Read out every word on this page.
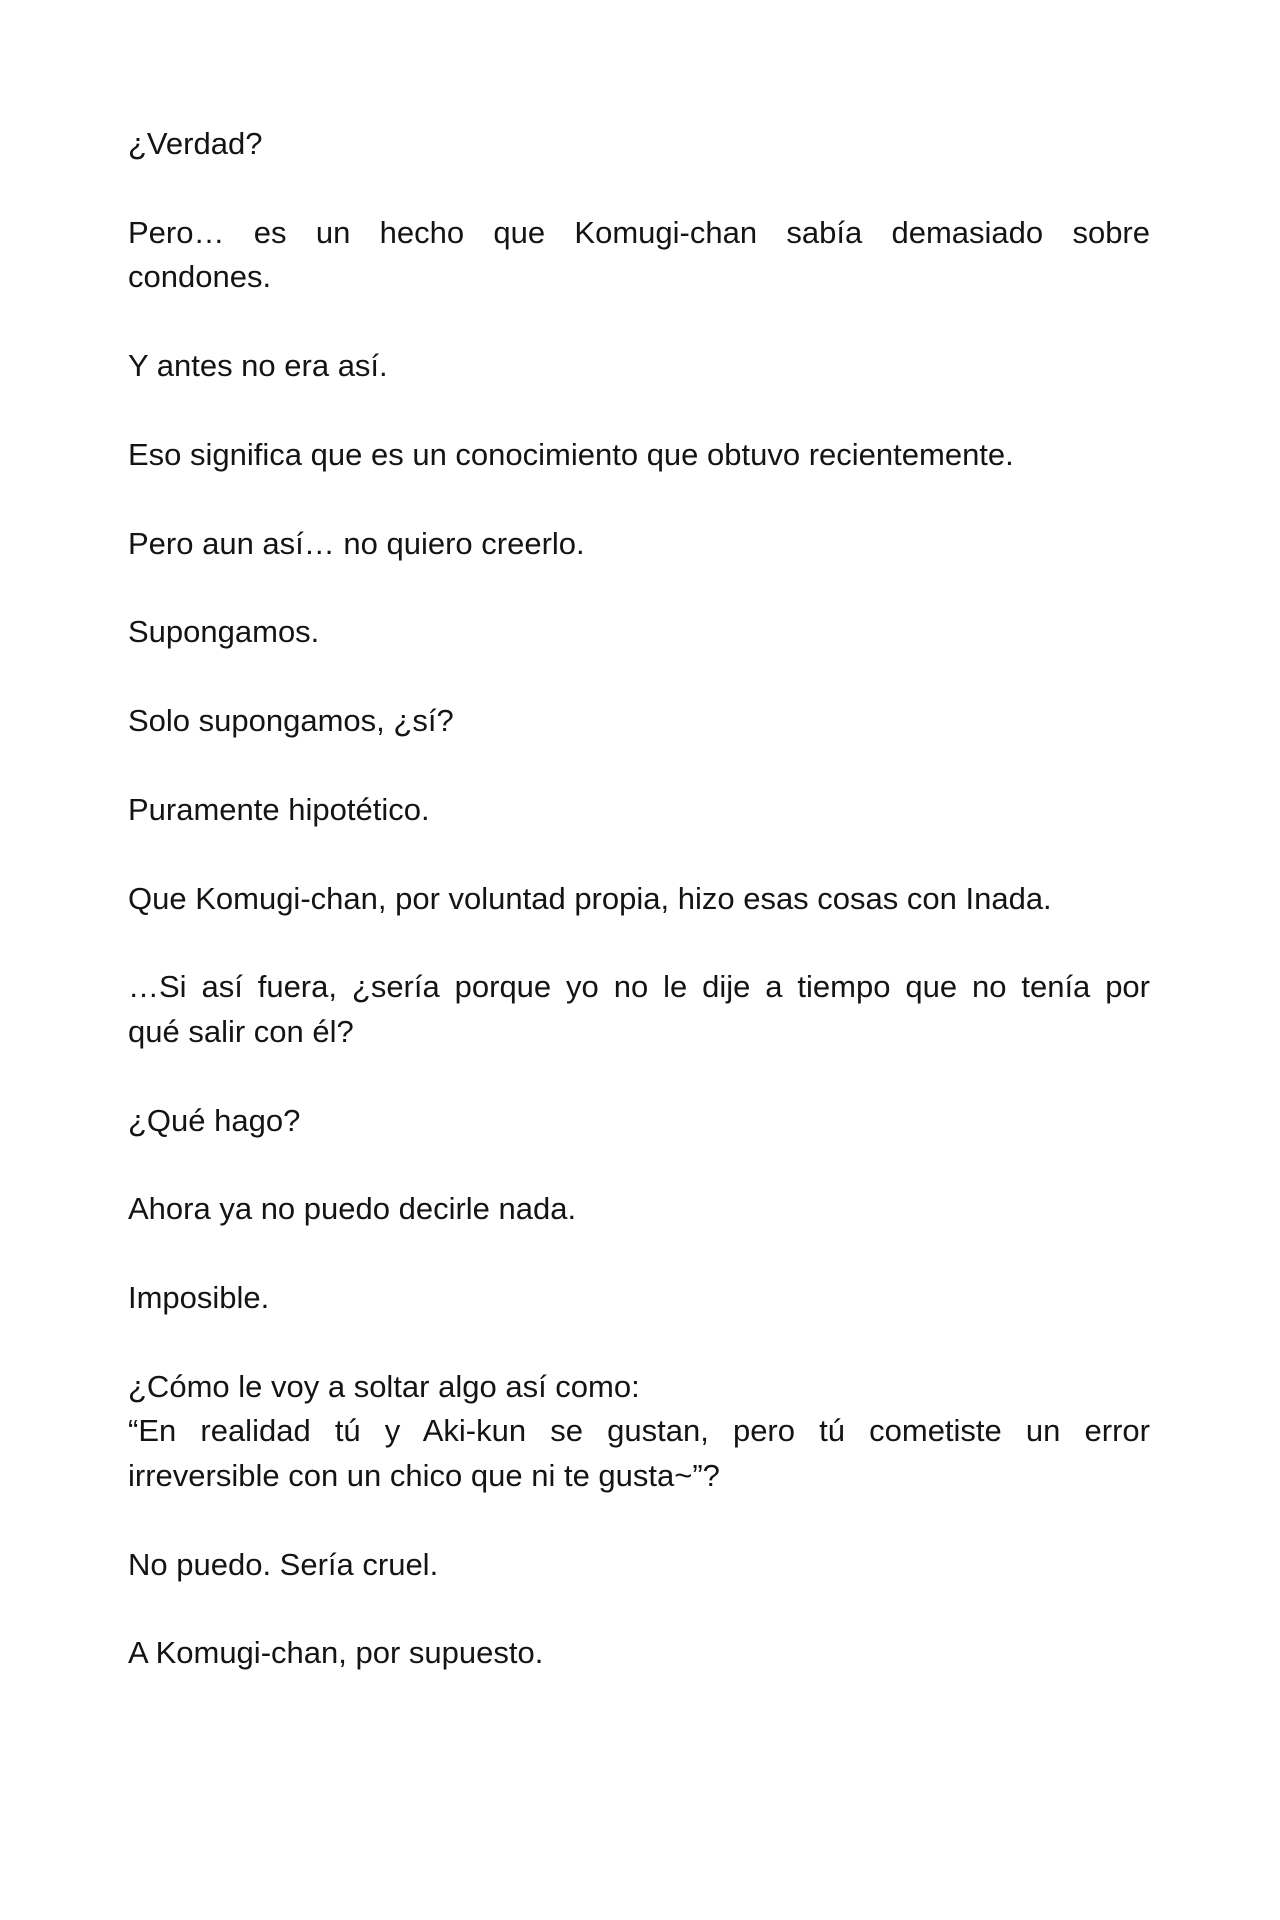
¿Verdad?

Pero… es un hecho que Komugi-chan sabía demasiado sobre
condones.

Y antes no era así.

Eso significa que es un conocimiento que obtuvo recientemente.

Pero aun así… no quiero creerlo.

Supongamos.

Solo supongamos, ¿sí?

Puramente hipotético.

Que Komugi-chan, por voluntad propia, hizo esas cosas con Inada.

…Si así fuera, ¿sería porque yo no le dije a tiempo que no tenía por
qué salir con él?

¿Qué hago?

Ahora ya no puedo decirle nada.

Imposible.

¿Cómo le voy a soltar algo así como:
“En realidad tú y Aki-kun se gustan, pero tú cometiste un error
irreversible con un chico que ni te gusta~”?

No puedo. Sería cruel.

A Komugi-chan, por supuesto.
